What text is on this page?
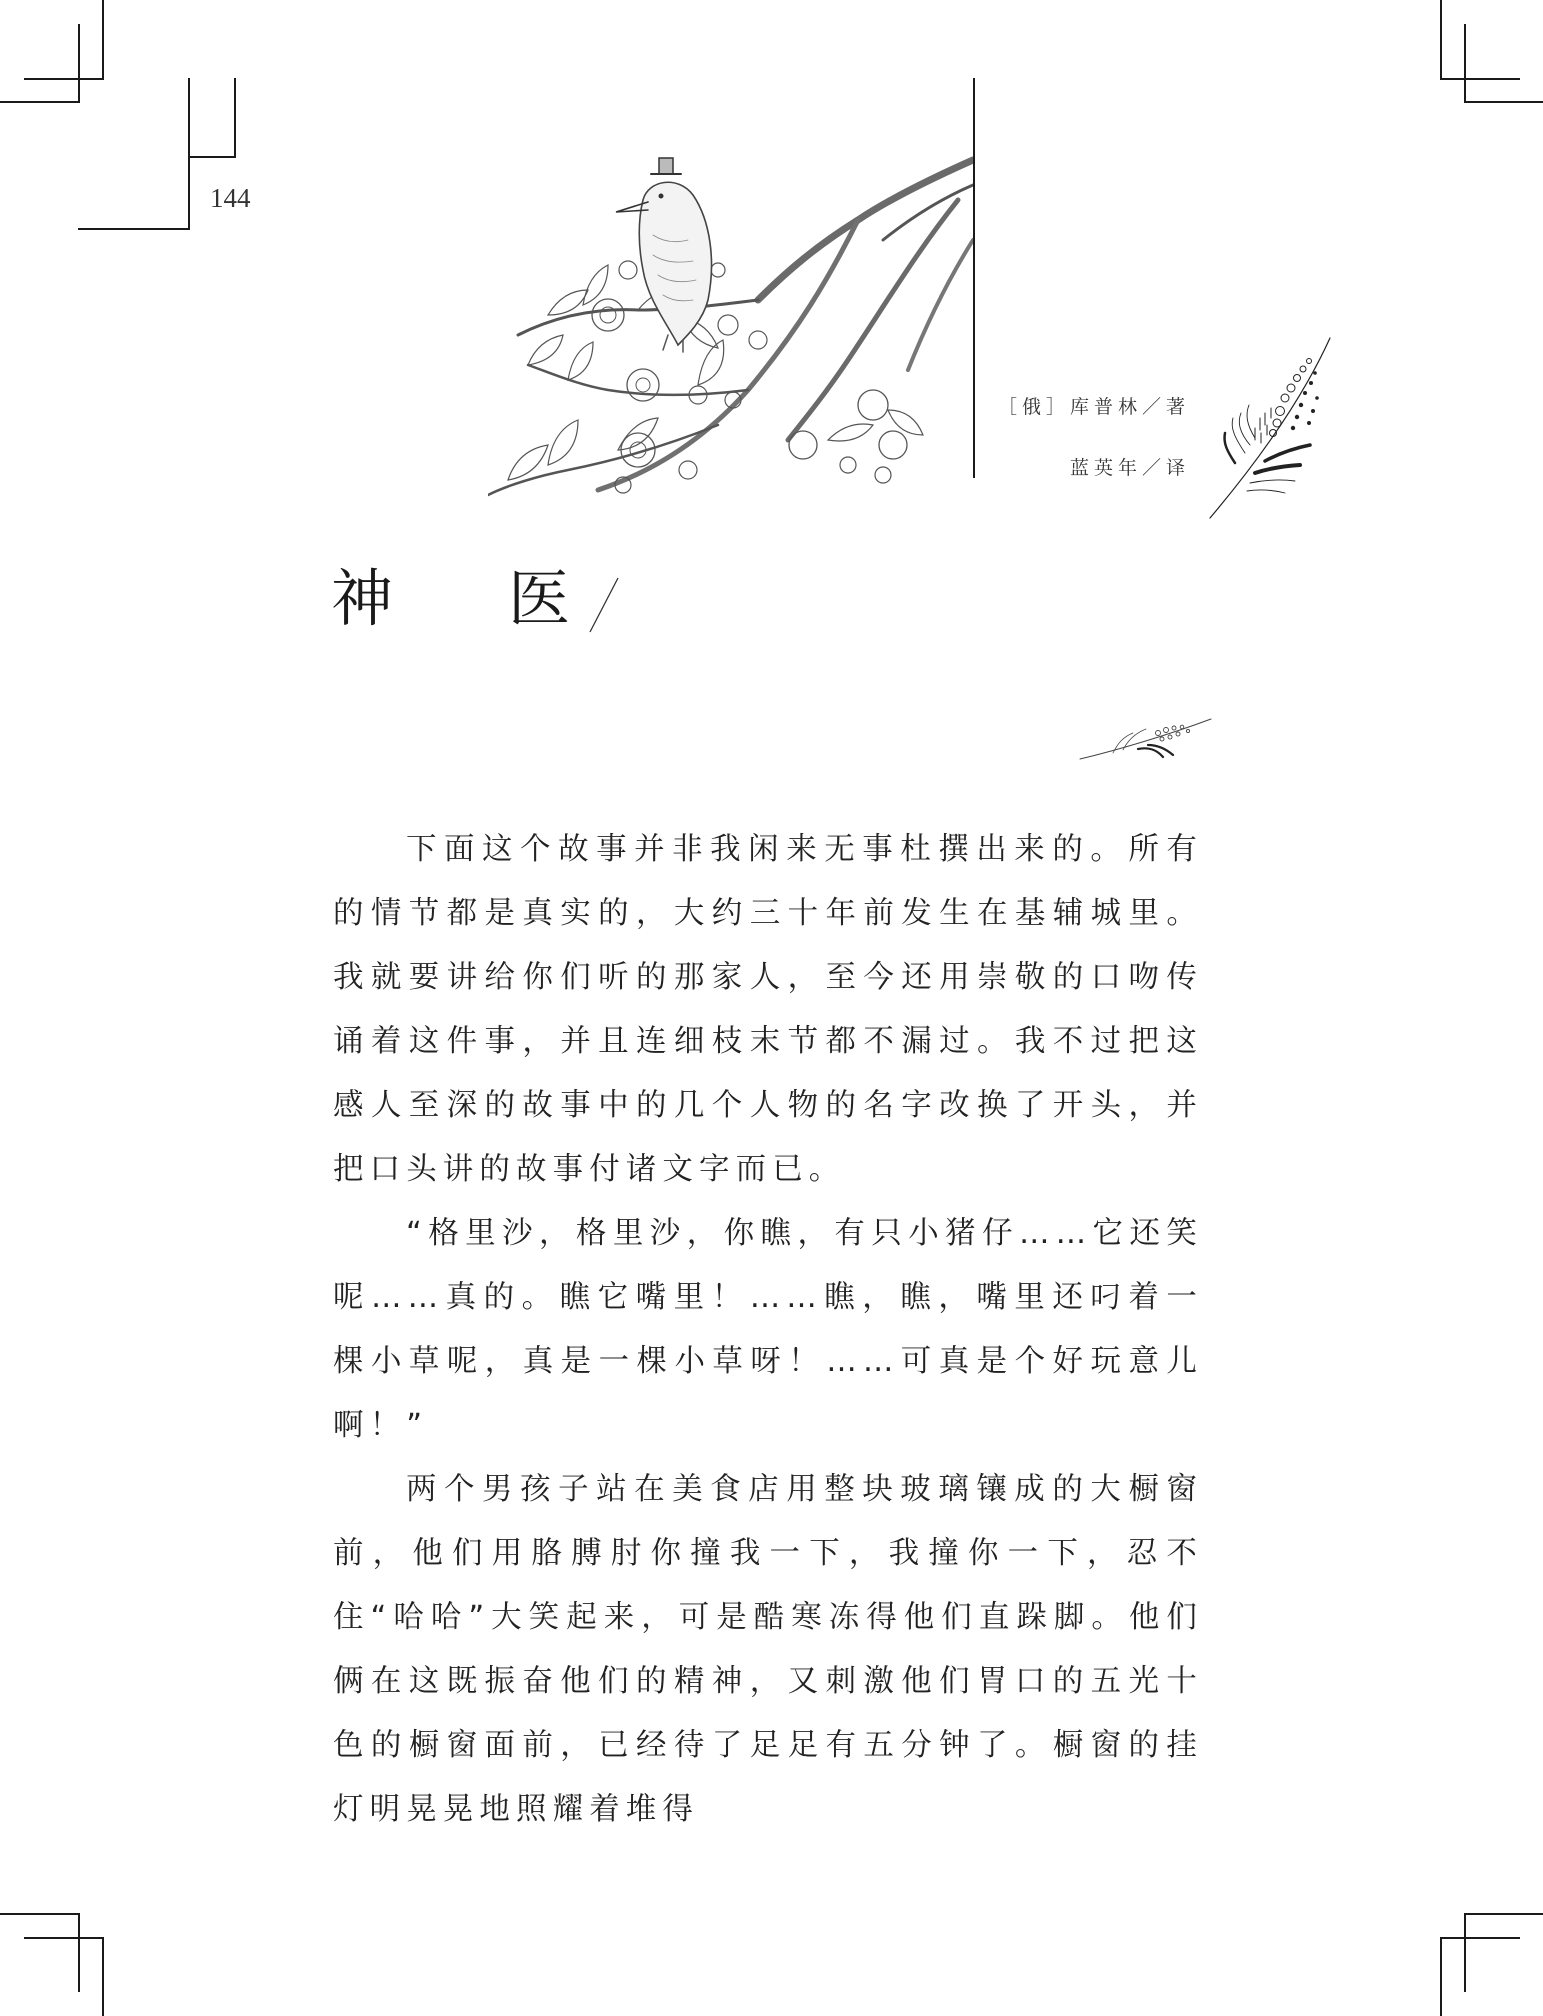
144
［俄］库普林／著
蓝英年／译
神 医

下面这个故事并非我闲来无事杜撰出来的。所有的情节都是真实的，大约三十年前发生在基辅城里。我就要讲给你们听的那家人，至今还用崇敬的口吻传诵着这件事，并且连细枝末节都不漏过。我不过把这感人至深的故事中的几个人物的名字改换了开头，并把口头讲的故事付诸文字而已。

“格里沙，格里沙，你瞧，有只小猪仔……它还笑呢……真的。瞧它嘴里！……瞧，瞧，嘴里还叼着一棵小草呢，真是一棵小草呀！……可真是个好玩意儿啊！”

两个男孩子站在美食店用整块玻璃镶成的大橱窗前，他们用胳膊肘你撞我一下，我撞你一下，忍不住“哈哈”大笑起来，可是酷寒冻得他们直跺脚。他们俩在这既振奋他们的精神，又刺激他们胃口的五光十色的橱窗面前，已经待了足足有五分钟了。橱窗的挂灯明晃晃地照耀着堆得
